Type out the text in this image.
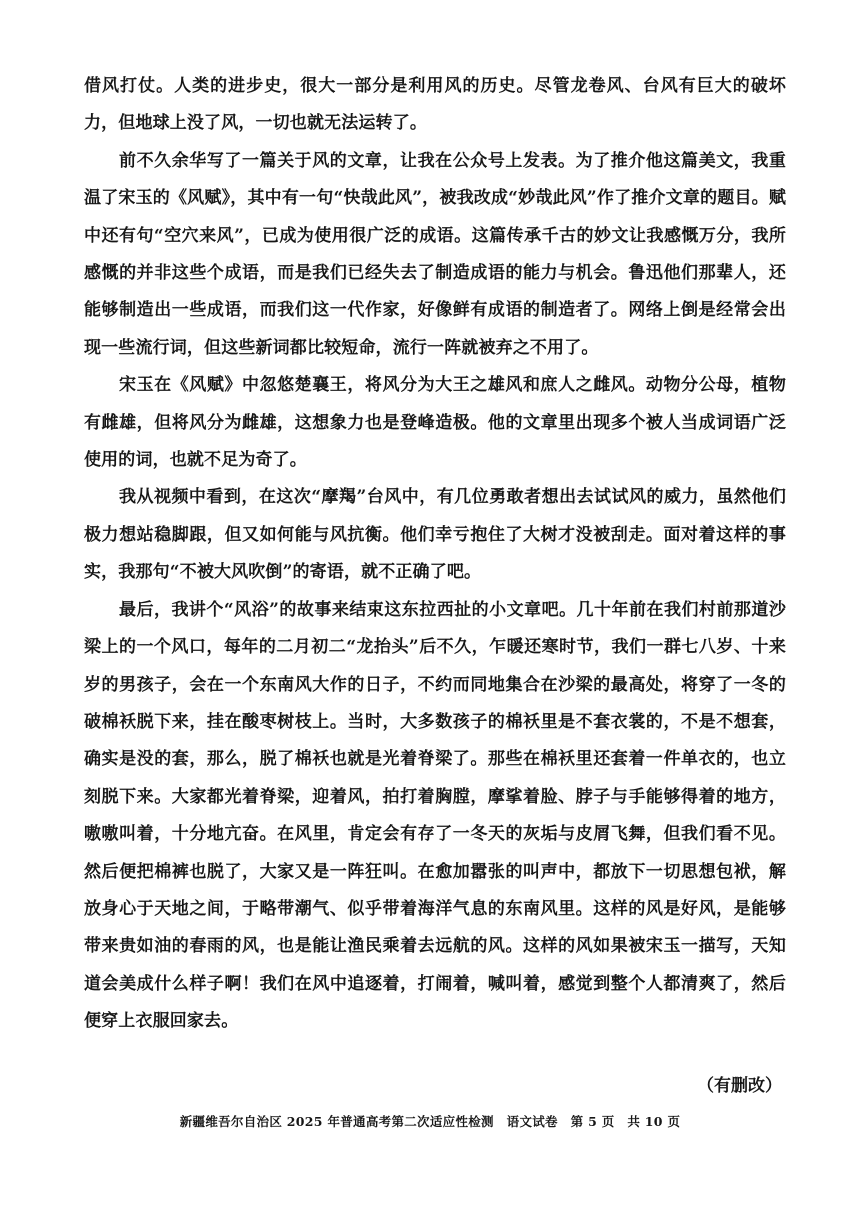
借风打仗。人类的进步史，很大一部分是利用风的历史。尽管龙卷风、台风有巨大的破坏力，但地球上没了风，一切也就无法运转了。

前不久余华写了一篇关于风的文章，让我在公众号上发表。为了推介他这篇美文，我重温了宋玉的《风赋》，其中有一句“快哉此风”，被我改成“妙哉此风”作了推介文章的题目。赋中还有句“空穴来风”，已成为使用很广泛的成语。这篇传承千古的妙文让我感慨万分，我所感慨的并非这些个成语，而是我们已经失去了制造成语的能力与机会。鲁迅他们那辈人，还能够制造出一些成语，而我们这一代作家，好像鲜有成语的制造者了。网络上倒是经常会出现一些流行词，但这些新词都比较短命，流行一阵就被弃之不用了。

宋玉在《风赋》中忽悠楚襄王，将风分为大王之雄风和庶人之雌风。动物分公母，植物有雌雄，但将风分为雌雄，这想象力也是登峰造极。他的文章里出现多个被人当成词语广泛使用的词，也就不足为奇了。

我从视频中看到，在这次“摩羯”台风中，有几位勇敢者想出去试试风的威力，虽然他们极力想站稳脚跟，但又如何能与风抗衡。他们幸亏抱住了大树才没被刮走。面对着这样的事实，我那句“不被大风吹倒”的寄语，就不正确了吧。

最后，我讲个“风浴”的故事来结束这东拉西扯的小文章吧。几十年前在我们村前那道沙梁上的一个风口，每年的二月初二“龙抬头”后不久，乍暖还寒时节，我们一群七八岁、十来岁的男孩子，会在一个东南风大作的日子，不约而同地集合在沙梁的最高处，将穿了一冬的破棉袄脱下来，挂在酸枣树枝上。当时，大多数孩子的棉袄里是不套衣裳的，不是不想套，确实是没的套，那么，脱了棉袄也就是光着脊梁了。那些在棉袄里还套着一件单衣的，也立刻脱下来。大家都光着脊梁，迎着风，拍打着胸膛，摩挲着脸、脖子与手能够得着的地方，嗷嗷叫着，十分地亢奋。在风里，肯定会有存了一冬天的灰垢与皮屑飞舞，但我们看不见。然后便把棉裤也脱了，大家又是一阵狂叫。在愈加嚣张的叫声中，都放下一切思想包袱，解放身心于天地之间，于略带潮气、似乎带着海洋气息的东南风里。这样的风是好风，是能够带来贵如油的春雨的风，也是能让渔民乘着去远航的风。这样的风如果被宋玉一描写，天知道会美成什么样子啊！我们在风中追逐着，打闹着，喊叫着，感觉到整个人都清爽了，然后便穿上衣服回家去。

（有删改）
新疆维吾尔自治区 2025 年普通高考第二次适应性检测　语文试卷　第 5 页　共 10 页
